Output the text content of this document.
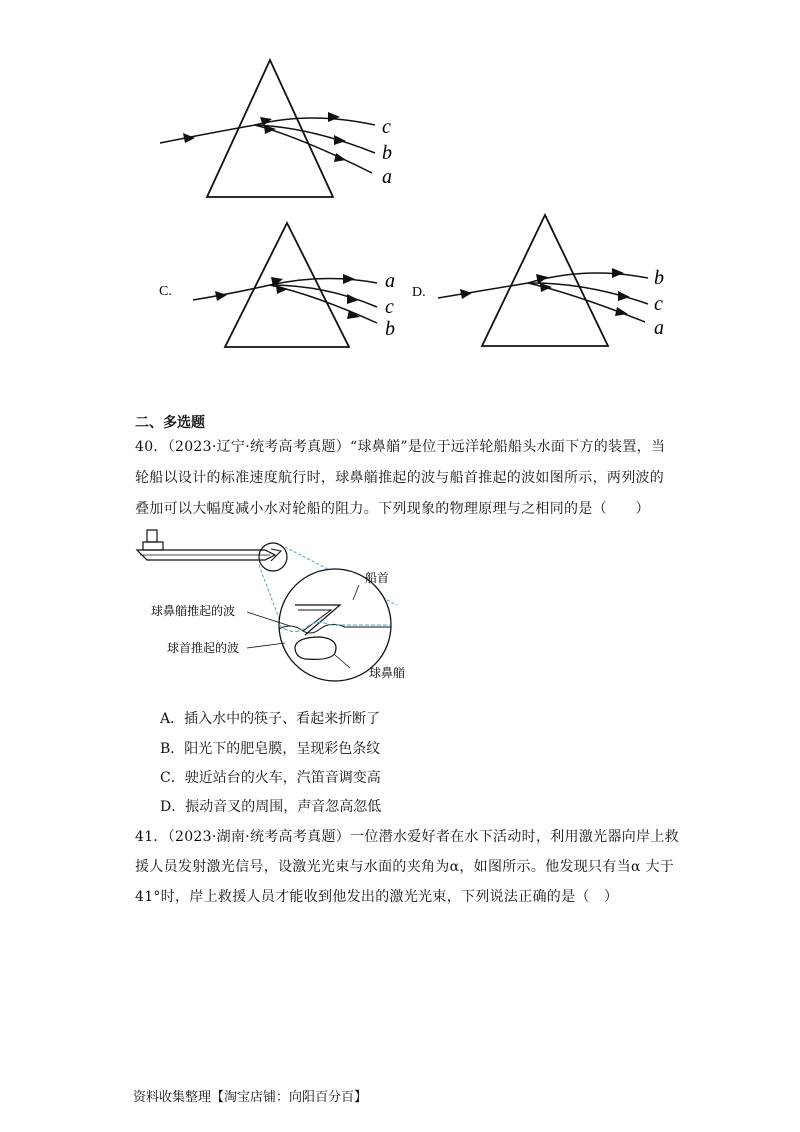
c
b
a
C.	a
c
b
D.
b
c
a
二、多选题
40．（2023·辽宁·统考高考真题）“球鼻艏”是位于远洋轮船船头水面下方的装置，当
轮船以设计的标准速度航行时，球鼻艏推起的波与船首推起的波如图所示，两列波的
叠加可以大幅度减小水对轮船的阻力。下列现象的物理原理与之相同的是（　　）
船首
球鼻艏推起的波
球首推起的波
球鼻艏
A．插入水中的筷子、看起来折断了
B．阳光下的肥皂膜，呈现彩色条纹
C．驶近站台的火车，汽笛音调变高
D．振动音叉的周围，声音忽高忽低
41．（2023·湖南·统考高考真题）一位潜水爱好者在水下活动时，利用激光器向岸上救
援人员发射激光信号，设激光光束与水面的夹角为α，如图所示。他发现只有当α 大于
41°时，岸上救援人员才能收到他发出的激光光束，下列说法正确的是（　）
资料收集整理【淘宝店铺：向阳百分百】
